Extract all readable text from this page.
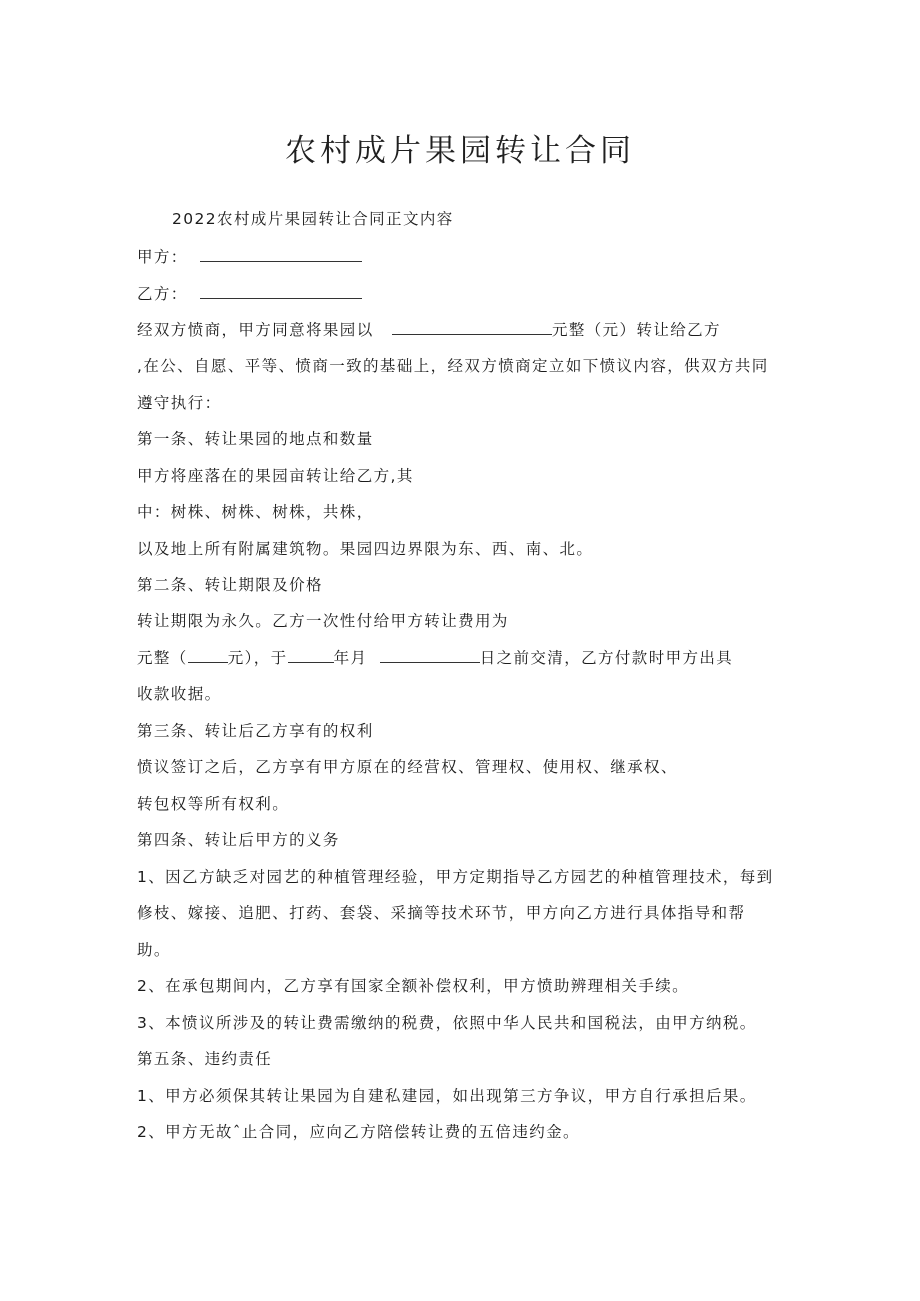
农村成片果园转让合同
2022农村成片果园转让合同正文内容
甲方：
乙方：
经双方愤商，甲方同意将果园以	元整（元）转让给乙方
,在公、自愿、平等、愤商一致的基础上，经双方愤商定立如下愤议内容，供双方共同
遵守执行：
第一条、转让果园的地点和数量
甲方将座落在的果园亩转让给乙方,其
中：树株、树株、树株，共株，
以及地上所有附属建筑物。果园四边界限为东、西、南、北。
第二条、转让期限及价格
转让期限为永久。乙方一次性付给甲方转让费用为
元整（	元），于	年月	日之前交清，乙方付款时甲方出具
收款收据。
第三条、转让后乙方享有的权利
愤议签订之后，乙方享有甲方原在的经营权、管理权、使用权、继承权、
转包权等所有权利。
第四条、转让后甲方的义务
1、因乙方缺乏对园艺的种植管理经验，甲方定期指导乙方园艺的种植管理技术，每到
修枝、嫁接、追肥、打药、套袋、采摘等技术环节，甲方向乙方进行具体指导和帮
助。
2、在承包期间内，乙方享有国家全额补偿权利，甲方愤助辨理相关手续。
3、本愤议所涉及的转让费需缴纳的税费，依照中华人民共和国税法，由甲方纳税。
第五条、违约责任
1、甲方必须保其转让果园为自建私建园，如出现第三方争议，甲方自行承担后果。
2、甲方无故ˆ止合同，应向乙方陪偿转让费的五倍违约金。
